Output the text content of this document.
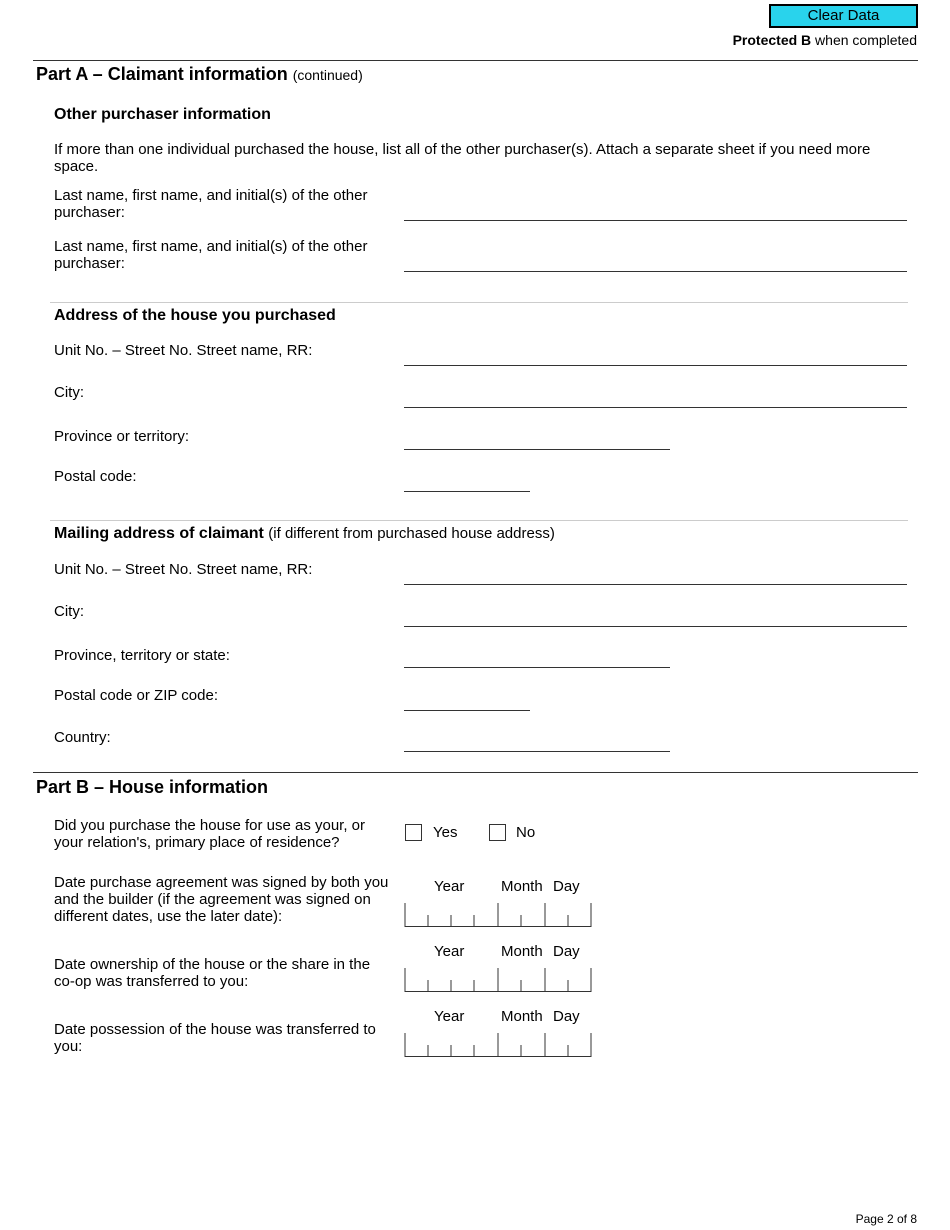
Clear Data
Protected B when completed
Part A – Claimant information (continued)
Other purchaser information
If more than one individual purchased the house, list all of the other purchaser(s). Attach a separate sheet if you need more space.
Last name, first name, and initial(s) of the other purchaser:
Last name, first name, and initial(s) of the other purchaser:
Address of the house you purchased
Unit No. – Street No. Street name, RR:
City:
Province or territory:
Postal code:
Mailing address of claimant (if different from purchased house address)
Unit No. – Street No. Street name, RR:
City:
Province, territory or state:
Postal code or ZIP code:
Country:
Part B – House information
Did you purchase the house for use as your, or your relation's, primary place of residence?
Yes	No
Date purchase agreement was signed by both you and the builder (if the agreement was signed on different dates, use the later date):
Year Month Day
Date ownership of the house or the share in the co-op was transferred to you:
Year Month Day
Date possession of the house was transferred to you:
Year Month Day
Page 2 of 8
